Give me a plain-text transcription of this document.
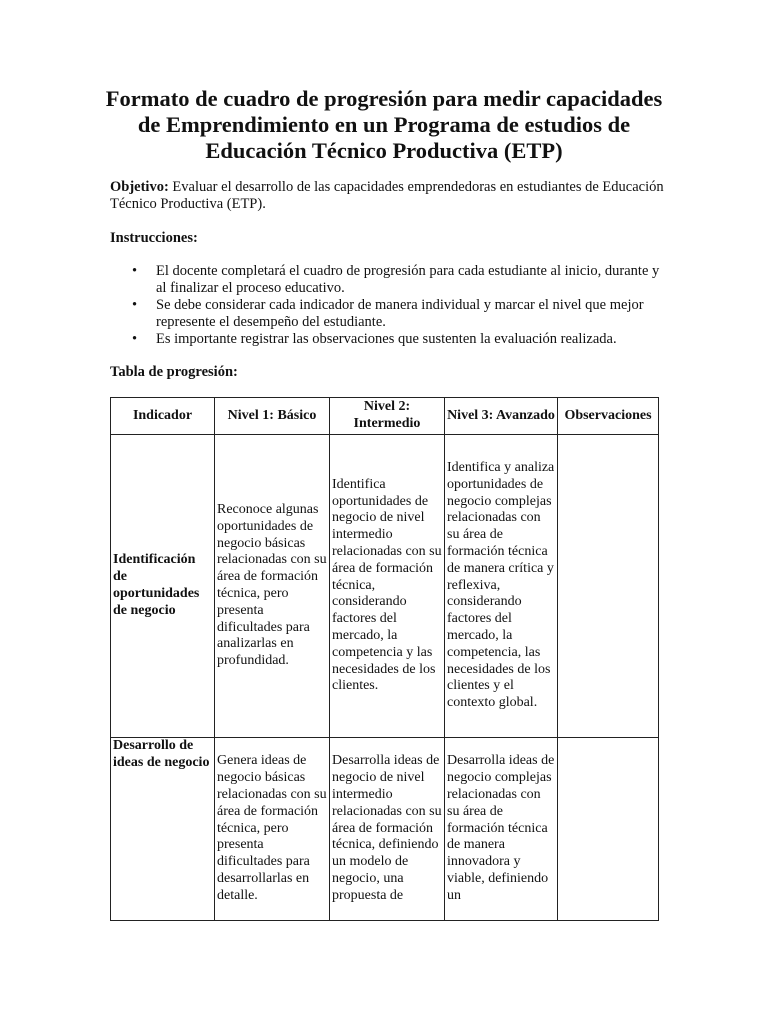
Formato de cuadro de progresión para medir capacidades de Emprendimiento en un Programa de estudios de Educación Técnico Productiva (ETP)

Objetivo: Evaluar el desarrollo de las capacidades emprendedoras en estudiantes de Educación Técnico Productiva (ETP).

Instrucciones:

• El docente completará el cuadro de progresión para cada estudiante al inicio, durante y al finalizar el proceso educativo.
• Se debe considerar cada indicador de manera individual y marcar el nivel que mejor represente el desempeño del estudiante.
• Es importante registrar las observaciones que sustenten la evaluación realizada.

Tabla de progresión:

Indicador	Nivel 1: Básico	Nivel 2: Intermedio	Nivel 3: Avanzado	Observaciones
Identificación de oportunidades de negocio	Reconoce algunas oportunidades de negocio básicas relacionadas con su área de formación técnica, pero presenta dificultades para analizarlas en profundidad.	Identifica oportunidades de negocio de nivel intermedio relacionadas con su área de formación técnica, considerando factores del mercado, la competencia y las necesidades de los clientes.	Identifica y analiza oportunidades de negocio complejas relacionadas con su área de formación técnica de manera crítica y reflexiva, considerando factores del mercado, la competencia, las necesidades de los clientes y el contexto global.	
Desarrollo de ideas de negocio	Genera ideas de negocio básicas relacionadas con su área de formación técnica, pero presenta dificultades para desarrollarlas en detalle.	Desarrolla ideas de negocio de nivel intermedio relacionadas con su área de formación técnica, definiendo un modelo de negocio, una propuesta de	Desarrolla ideas de negocio complejas relacionadas con su área de formación técnica de manera innovadora y viable, definiendo un	
